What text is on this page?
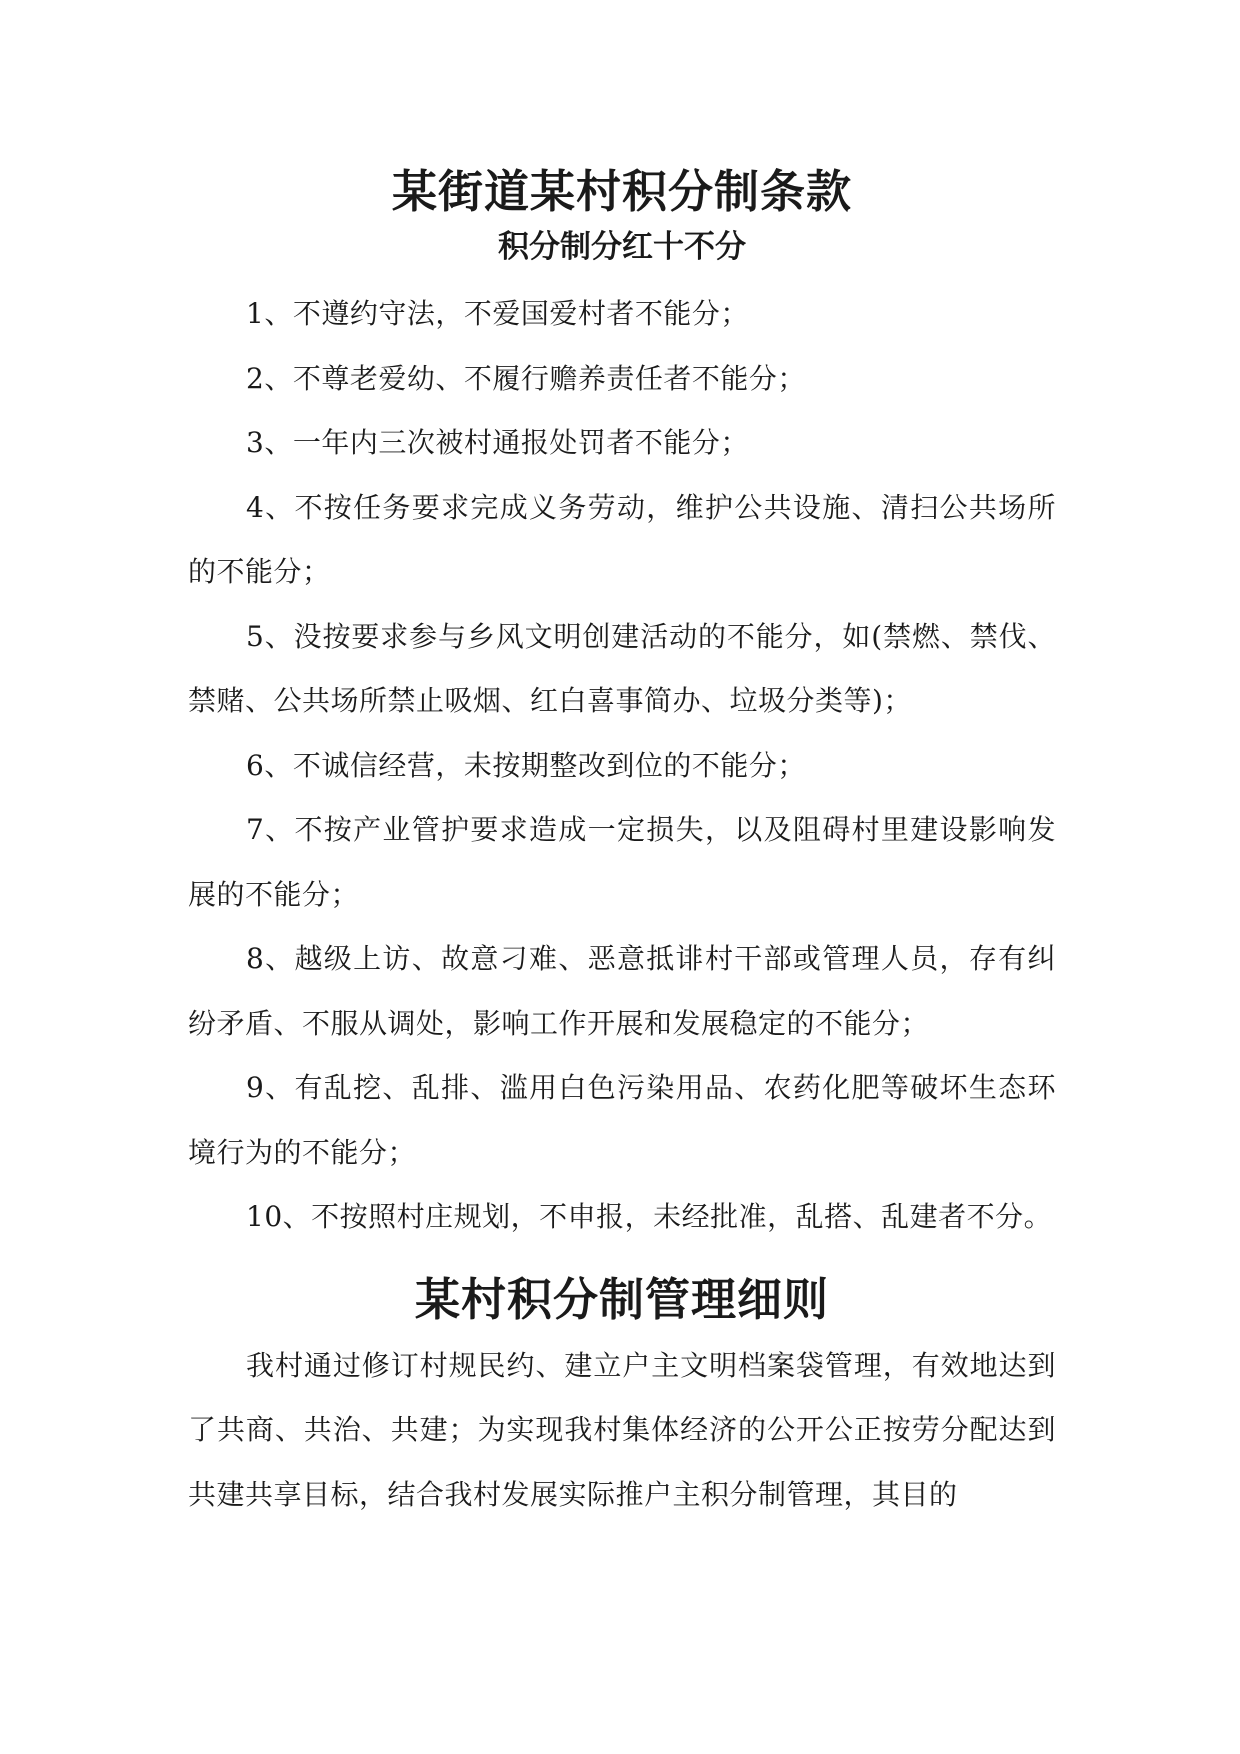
某街道某村积分制条款
积分制分红十不分

1、不遵约守法，不爱国爱村者不能分；

2、不尊老爱幼、不履行赡养责任者不能分；

3、一年内三次被村通报处罚者不能分；

4、不按任务要求完成义务劳动，维护公共设施、清扫公共场所的不能分；

5、没按要求参与乡风文明创建活动的不能分，如(禁燃、禁伐、禁赌、公共场所禁止吸烟、红白喜事简办、垃圾分类等)；

6、不诚信经营，未按期整改到位的不能分；

7、不按产业管护要求造成一定损失，以及阻碍村里建设影响发展的不能分；

8、越级上访、故意刁难、恶意抵诽村干部或管理人员，存有纠纷矛盾、不服从调处，影响工作开展和发展稳定的不能分；

9、有乱挖、乱排、滥用白色污染用品、农药化肥等破坏生态环境行为的不能分；

10、不按照村庄规划，不申报，未经批准，乱搭、乱建者不分。

某村积分制管理细则

我村通过修订村规民约、建立户主文明档案袋管理，有效地达到了共商、共治、共建；为实现我村集体经济的公开公正按劳分配达到共建共享目标，结合我村发展实际推户主积分制管理，其目的
